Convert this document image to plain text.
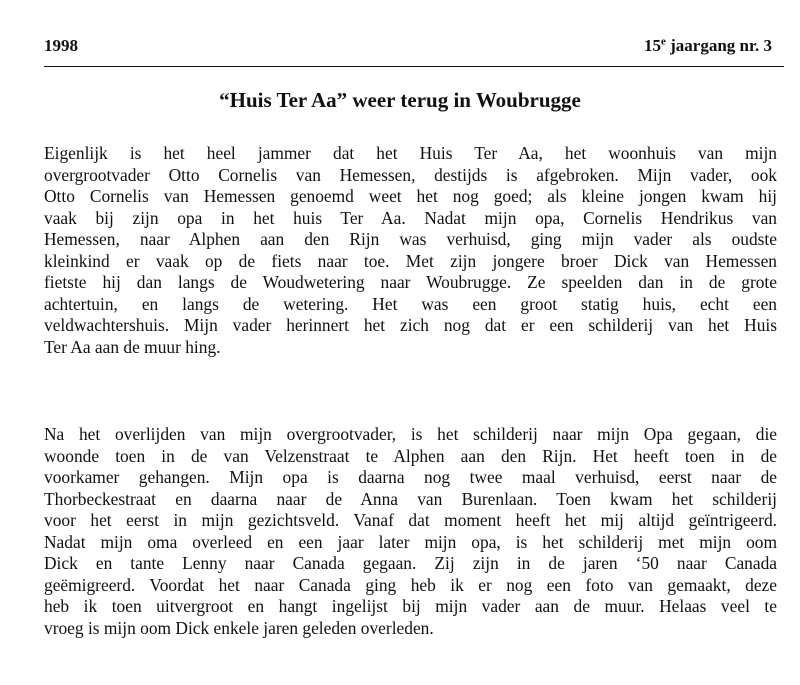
1998	15e jaargang nr. 3
“Huis Ter Aa” weer terug in Woubrugge
Eigenlijk is het heel jammer dat het Huis Ter Aa, het woonhuis van mijn
overgrootvader Otto Cornelis van Hemessen, destijds is afgebroken. Mijn vader, ook
Otto Cornelis van Hemessen genoemd weet het nog goed; als kleine jongen kwam hij
vaak bij zijn opa in het huis Ter Aa. Nadat mijn opa, Cornelis Hendrikus van
Hemessen, naar Alphen aan den Rijn was verhuisd, ging mijn vader als oudste
kleinkind er vaak op de fiets naar toe. Met zijn jongere broer Dick van Hemessen
fietste hij dan langs de Woudwetering naar Woubrugge. Ze speelden dan in de grote
achtertuin, en langs de wetering. Het was een groot statig huis, echt een
veldwachtershuis. Mijn vader herinnert het zich nog dat er een schilderij van het Huis
Ter Aa aan de muur hing.
Na het overlijden van mijn overgrootvader, is het schilderij naar mijn Opa gegaan, die
woonde toen in de van Velzenstraat te Alphen aan den Rijn. Het heeft toen in de
voorkamer gehangen. Mijn opa is daarna nog twee maal verhuisd, eerst naar de
Thorbeckestraat en daarna naar de Anna van Burenlaan. Toen kwam het schilderij
voor het eerst in mijn gezichtsveld. Vanaf dat moment heeft het mij altijd geïntrigeerd.
Nadat mijn oma overleed en een jaar later mijn opa, is het schilderij met mijn oom
Dick en tante Lenny naar Canada gegaan. Zij zijn in de jaren ‘50 naar Canada
geëmigreerd. Voordat het naar Canada ging heb ik er nog een foto van gemaakt, deze
heb ik toen uitvergroot en hangt ingelijst bij mijn vader aan de muur. Helaas veel te
vroeg is mijn oom Dick enkele jaren geleden overleden.
